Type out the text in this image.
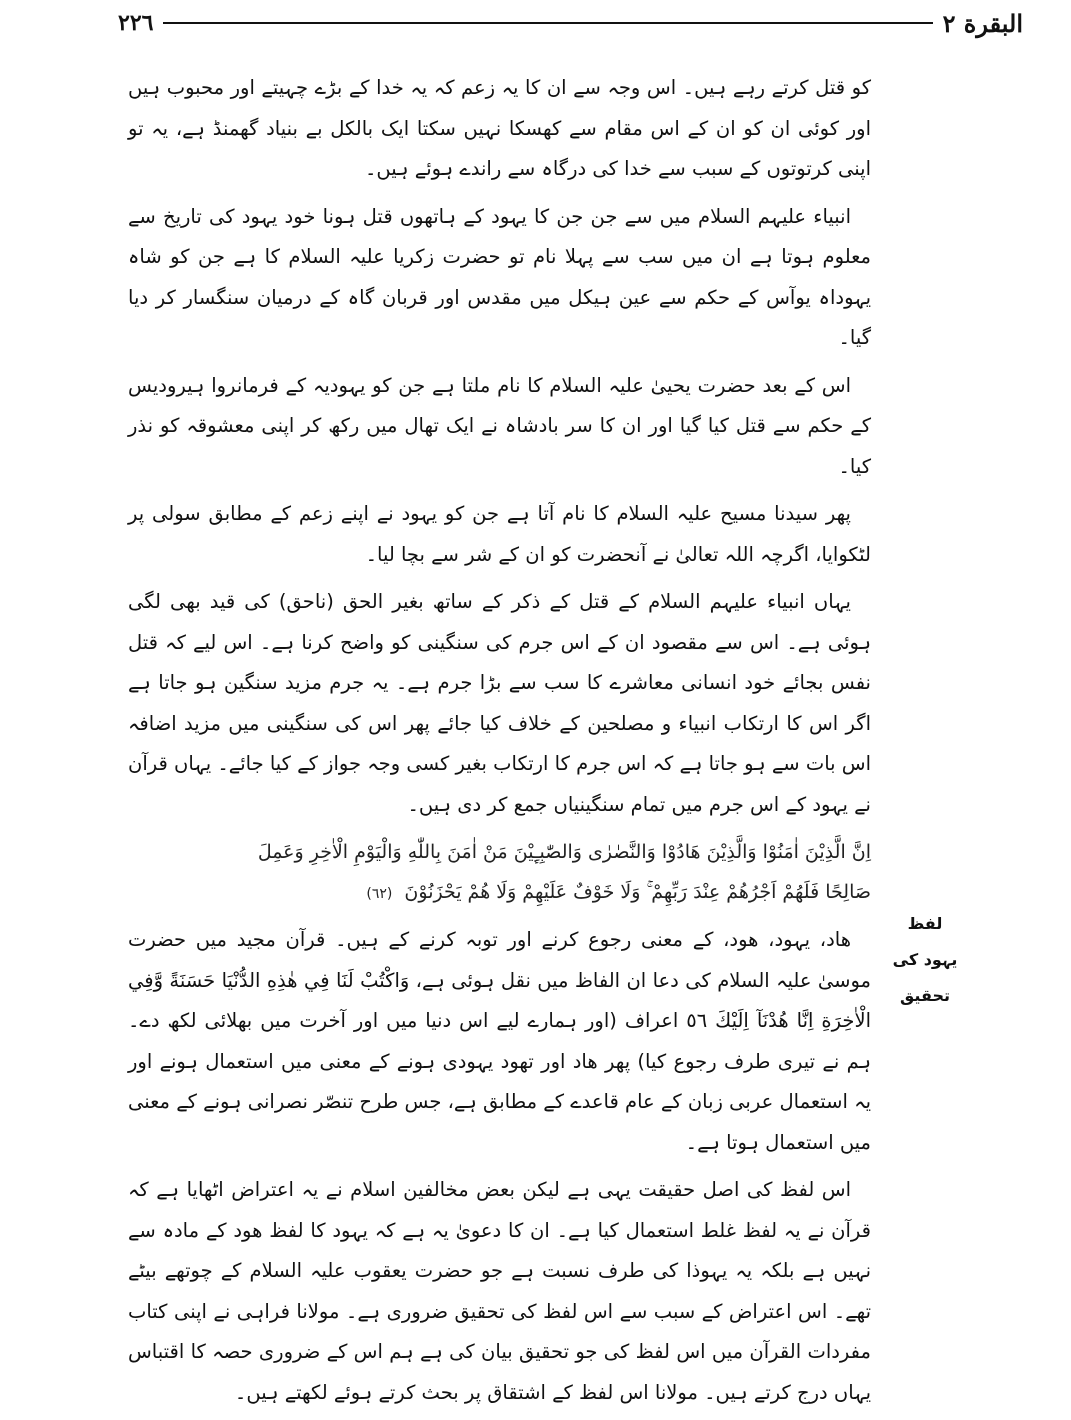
البقرة ٢
٢٢٦
لفظ یہود کی تحقیق

کو قتل کرتے رہے ہیں۔ اس وجہ سے ان کا یہ زعم کہ یہ خدا کے بڑے چہیتے اور محبوب ہیں اور کوئی ان کو ان کے اس مقام سے کھسکا نہیں سکتا ایک بالکل بے بنیاد گھمنڈ ہے، یہ تو اپنی کرتوتوں کے سبب سے خدا کی درگاہ سے راندے ہوئے ہیں۔

انبیاء علیہم السلام میں سے جن جن کا یہود کے ہاتھوں قتل ہونا خود یہود کی تاریخ سے معلوم ہوتا ہے ان میں سب سے پہلا نام تو حضرت زکریا علیہ السلام کا ہے جن کو شاہ یہوداہ یوآس کے حکم سے عین ہیکل میں مقدس اور قربان گاہ کے درمیان سنگسار کر دیا گیا۔

اس کے بعد حضرت یحییٰ علیہ السلام کا نام ملتا ہے جن کو یہودیہ کے فرمانروا ہیرودیس کے حکم سے قتل کیا گیا اور ان کا سر بادشاہ نے ایک تھال میں رکھ کر اپنی معشوقہ کو نذر کیا۔

پھر سیدنا مسیح علیہ السلام کا نام آتا ہے جن کو یہود نے اپنے زعم کے مطابق سولی پر لٹکوایا، اگرچہ اللہ تعالیٰ نے آنحضرت کو ان کے شر سے بچا لیا۔

یہاں انبیاء علیہم السلام کے قتل کے ذکر کے ساتھ بغیر الحق (ناحق) کی قید بھی لگی ہوئی ہے۔ اس سے مقصود ان کے اس جرم کی سنگینی کو واضح کرنا ہے۔ اس لیے کہ قتل نفس بجائے خود انسانی معاشرے کا سب سے بڑا جرم ہے۔ یہ جرم مزید سنگین ہو جاتا ہے اگر اس کا ارتکاب انبیاء و مصلحین کے خلاف کیا جائے پھر اس کی سنگینی میں مزید اضافہ اس بات سے ہو جاتا ہے کہ اس جرم کا ارتکاب بغیر کسی وجہ جواز کے کیا جائے۔ یہاں قرآن نے یہود کے اس جرم میں تمام سنگینیاں جمع کر دی ہیں۔

اِنَّ الَّذِیْنَ اٰمَنُوْا وَالَّذِیْنَ هَادُوْا وَالنَّصٰرٰی وَالصّٰبِـِٕیْنَ مَنْ اٰمَنَ بِاللّٰهِ وَالْیَوْمِ الْاٰخِرِ وَعَمِلَ
صَالِحًا فَلَهُمْ اَجْرُهُمْ عِنْدَ رَبِّهِمْ ۚ وَلَا خَوْفٌ عَلَیْهِمْ وَلَا هُمْ یَحْزَنُوْنَ (٦٢)

ھاد، یہود، ھود، کے معنی رجوع کرنے اور توبہ کرنے کے ہیں۔ قرآن مجید میں حضرت موسیٰ علیہ السلام کی دعا ان الفاظ میں نقل ہوئی ہے، وَاكْتُبْ لَنَا فِي هٰذِهِ الدُّنْيَا حَسَنَةً وَّفِي الْاٰخِرَةِ اِنَّا هُدْنَآ اِلَيْكَ ٥٦ اعراف (اور ہمارے لیے اس دنیا میں اور آخرت میں بھلائی لکھ دے۔ ہم نے تیری طرف رجوع کیا) پھر ھاد اور تھود یہودی ہونے کے معنی میں استعمال ہونے اور یہ استعمال عربی زبان کے عام قاعدے کے مطابق ہے، جس طرح تنصّر نصرانی ہونے کے معنی میں استعمال ہوتا ہے۔

اس لفظ کی اصل حقیقت یہی ہے لیکن بعض مخالفین اسلام نے یہ اعتراض اٹھایا ہے کہ قرآن نے یہ لفظ غلط استعمال کیا ہے۔ ان کا دعویٰ یہ ہے کہ یہود کا لفظ ھود کے مادہ سے نہیں ہے بلکہ یہ یہوذا کی طرف نسبت ہے جو حضرت یعقوب علیہ السلام کے چوتھے بیٹے تھے۔ اس اعتراض کے سبب سے اس لفظ کی تحقیق ضروری ہے۔ مولانا فراہی نے اپنی کتاب مفردات القرآن میں اس لفظ کی جو تحقیق بیان کی ہے ہم اس کے ضروری حصہ کا اقتباس یہاں درج کرتے ہیں۔ مولانا اس لفظ کے اشتقاق پر بحث کرتے ہوئے لکھتے ہیں۔
